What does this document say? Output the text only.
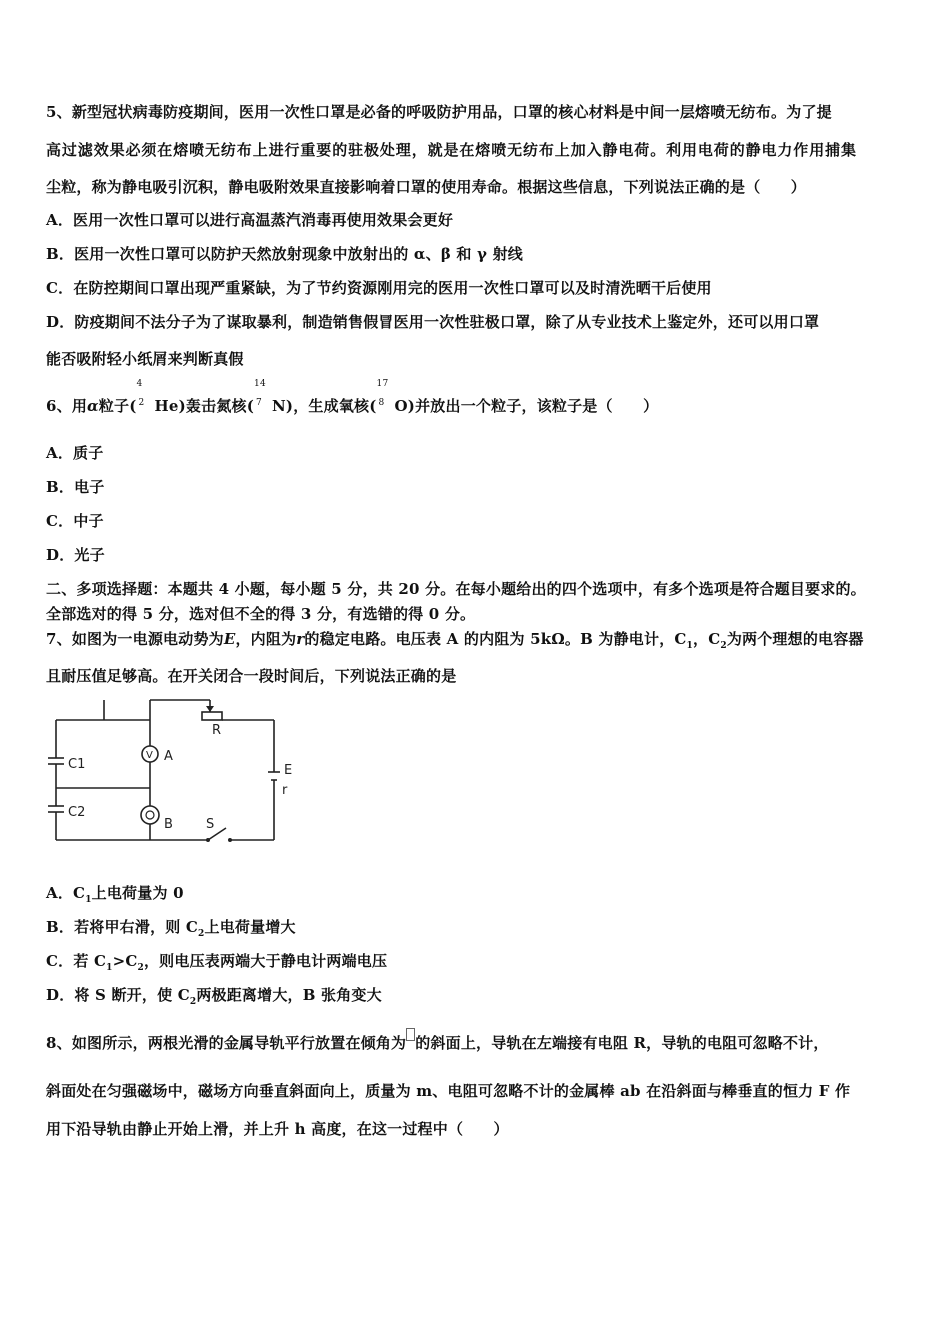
5、新型冠状病毒防疫期间，医用一次性口罩是必备的呼吸防护用品，口罩的核心材料是中间一层熔喷无纺布。为了提
高过滤效果必须在熔喷无纺布上进行重要的驻极处理，就是在熔喷无纺布上加入静电荷。利用电荷的静电力作用捕集
尘粒，称为静电吸引沉积，静电吸附效果直接影响着口罩的使用寿命。根据这些信息，下列说法正确的是（　　）
A．医用一次性口罩可以进行高温蒸汽消毒再使用效果会更好
B．医用一次性口罩可以防护天然放射现象中放射出的 α、β 和 γ 射线
C．在防控期间口罩出现严重紧缺，为了节约资源刚用完的医用一次性口罩可以及时清洗晒干后使用
D．防疫期间不法分子为了谋取暴利，制造销售假冒医用一次性驻极口罩，除了从专业技术上鉴定外，还可以用口罩
能否吸附轻小纸屑来判断真假
6、用α粒子(
4
2 He)轰击氮核(
14
7 N)，生成氧核(
17
8 O)并放出一个粒子，该粒子是（　　）
A．质子
B．电子
C．中子
D．光子
二、多项选择题：本题共 4 小题，每小题 5 分，共 20 分。在每小题给出的四个选项中，有多个选项是符合题目要求的。
全部选对的得 5 分，选对但不全的得 3 分，有选错的得 0 分。
7、如图为一电源电动势为E，内阻为r的稳定电路。电压表 A 的内阻为 5kΩ。B 为静电计，$C_1$，$C_2$为两个理想的电容器
且耐压值足够高。在开关闭合一段时间后，下列说法正确的是
V
C1
C2
A
B
R
E
r
S
A．$C_1$上电荷量为 0
B．若将甲右滑，则 $C_2$上电荷量增大
C．若 $C_1>C_2$，则电压表两端大于静电计两端电压
D．将 S 断开，使 $C_2$两极距离增大，B 张角变大
8、如图所示，两根光滑的金属导轨平行放置在倾角为 的斜面上，导轨在左端接有电阻 R，导轨的电阻可忽略不计，
斜面处在匀强磁场中，磁场方向垂直斜面向上，质量为 m、电阻可忽略不计的金属棒 ab 在沿斜面与棒垂直的恒力 F 作
用下沿导轨由静止开始上滑，并上升 h 高度，在这一过程中（　　）
